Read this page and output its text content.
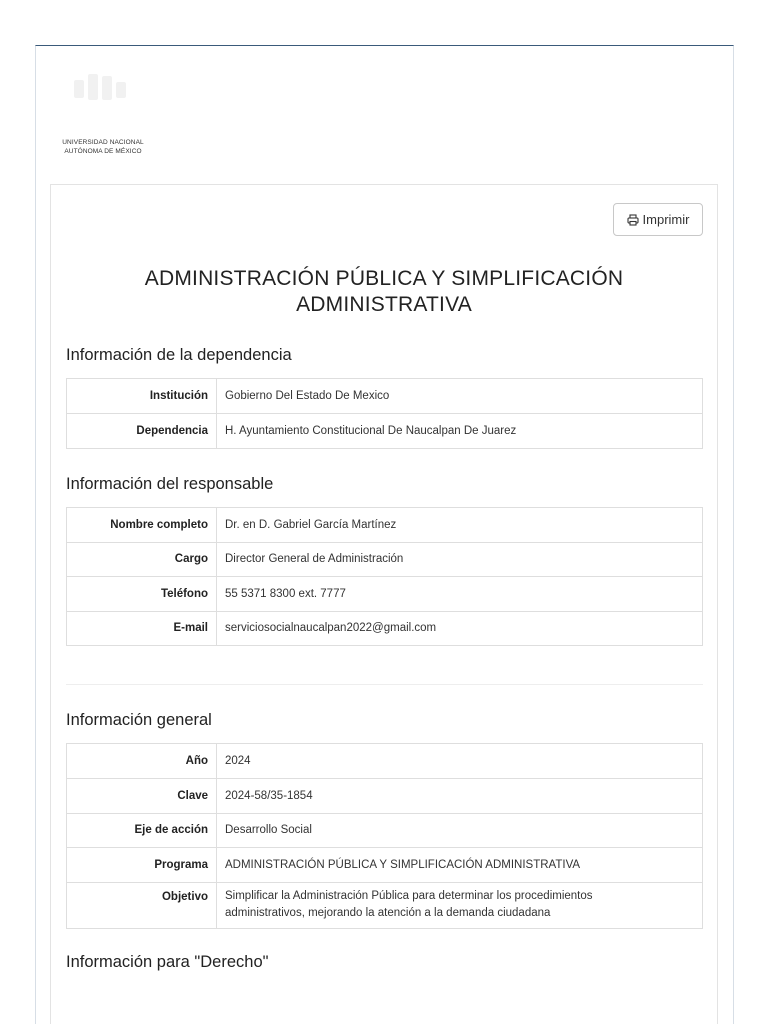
UNIVERSIDAD NACIONAL
AUTÓNOMA DE MÉXICO
Imprimir
ADMINISTRACIÓN PÚBLICA Y SIMPLIFICACIÓN
ADMINISTRATIVA
Información de la dependencia
Institución	Gobierno Del Estado De Mexico
Dependencia	H. Ayuntamiento Constitucional De Naucalpan De Juarez
Información del responsable
Nombre completo	Dr. en D. Gabriel García Martínez
Cargo	Director General de Administración
Teléfono	55 5371 8300 ext. 7777
E-mail	serviciosocialnaucalpan2022@gmail.com
Información general
Año	2024
Clave	2024-58/35-1854
Eje de acción	Desarrollo Social
Programa	ADMINISTRACIÓN PÚBLICA Y SIMPLIFICACIÓN ADMINISTRATIVA
Objetivo	Simplificar la Administración Pública para determinar los procedimientos
administrativos, mejorando la atención a la demanda ciudadana
Información para "Derecho"
